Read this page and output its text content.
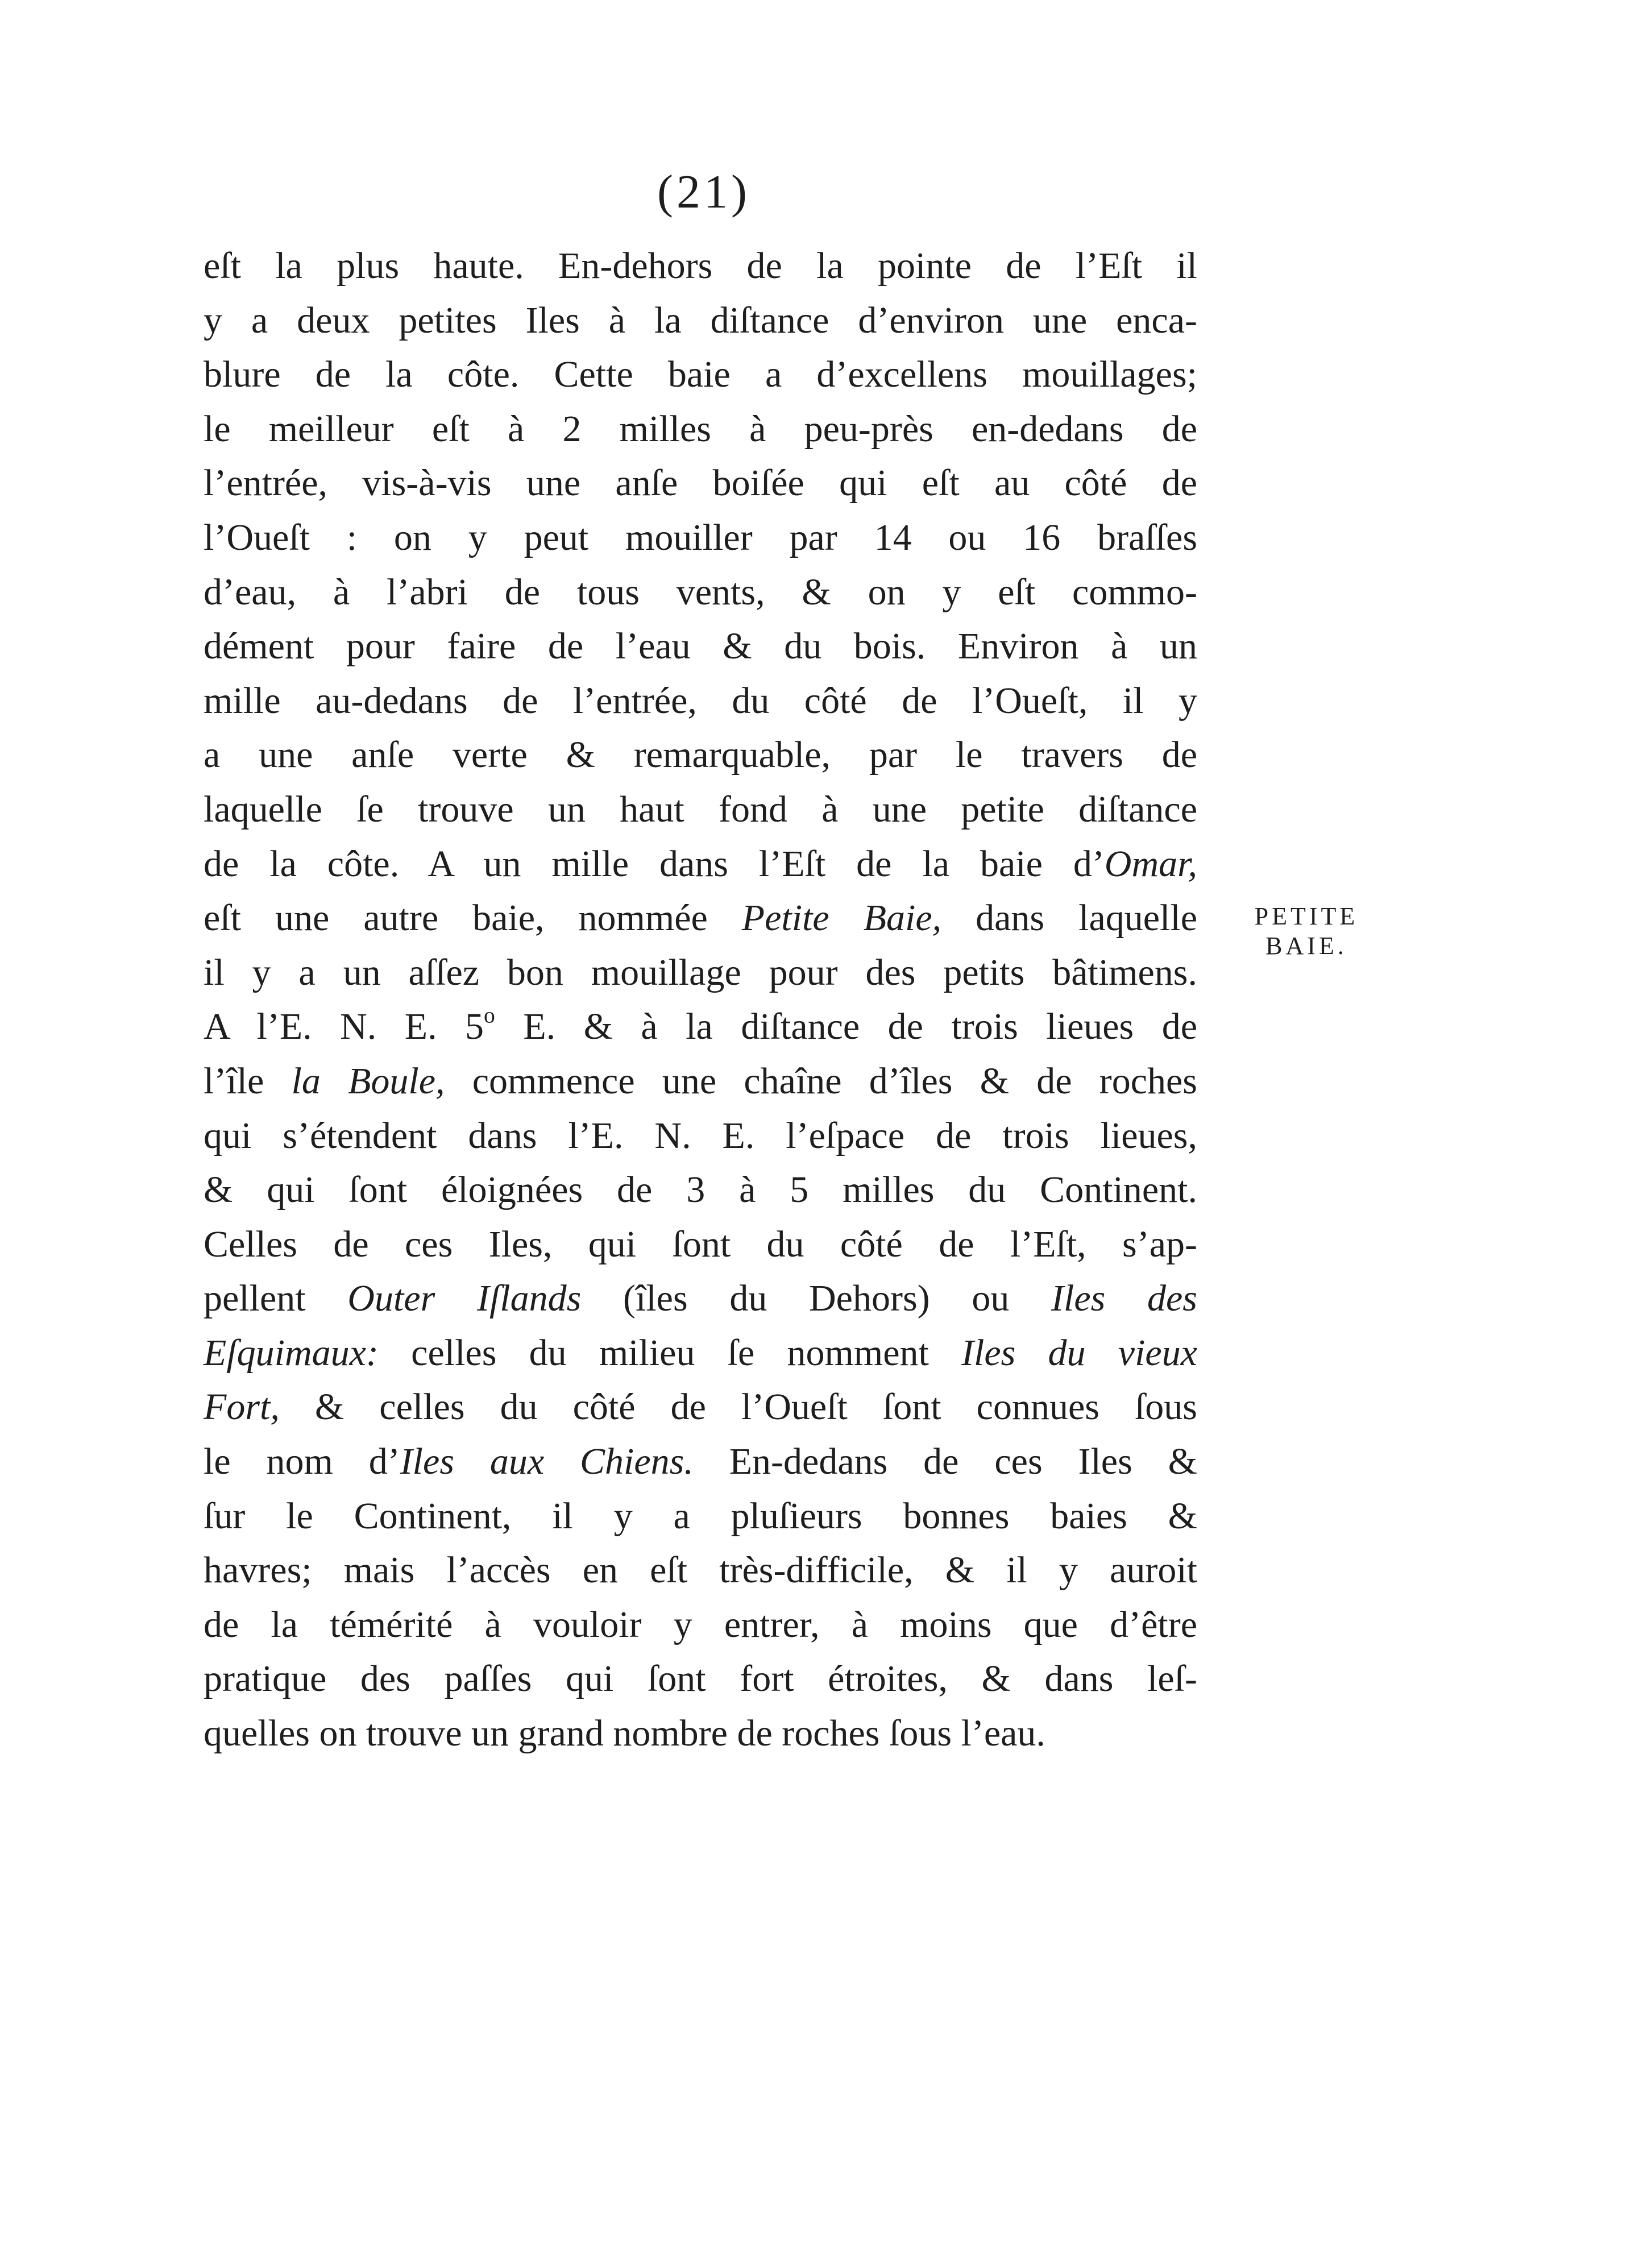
(21)
eſt la plus haute. En-dehors de la pointe de l’Eſt il
y a deux petites Iles à la diſtance d’environ une enca-
blure de la côte. Cette baie a d’excellens mouillages;
le meilleur eſt à 2 milles à peu-près en-dedans de
l’entrée, vis-à-vis une anſe boiſée qui eſt au côté de
l’Oueſt : on y peut mouiller par 14 ou 16 braſſes
d’eau, à l’abri de tous vents, & on y eſt commo-
dément pour faire de l’eau & du bois. Environ à un
mille au-dedans de l’entrée, du côté de l’Oueſt, il y
a une anſe verte & remarquable, par le travers de
laquelle ſe trouve un haut fond à une petite diſtance
de la côte. A un mille dans l’Eſt de la baie d’Omar,
eſt une autre baie, nommée Petite Baie, dans laquelle
il y a un aſſez bon mouillage pour des petits bâtimens.
A l’E. N. E. 5$^o$ E. & à la diſtance de trois lieues de
l’île la Boule, commence une chaîne d’îles & de roches
qui s’étendent dans l’E. N. E. l’eſpace de trois lieues,
& qui ſont éloignées de 3 à 5 milles du Continent.
Celles de ces Iles, qui ſont du côté de l’Eſt, s’ap-
pellent Outer Iſlands (îles du Dehors) ou Iles des
Eſquimaux: celles du milieu ſe nomment Iles du vieux
Fort, & celles du côté de l’Oueſt ſont connues ſous
le nom d’Iles aux Chiens. En-dedans de ces Iles &
ſur le Continent, il y a pluſieurs bonnes baies &
havres; mais l’accès en eſt très-difficile, & il y auroit
de la témérité à vouloir y entrer, à moins que d’être
pratique des paſſes qui ſont fort étroites, & dans leſ-
quelles on trouve un grand nombre de roches ſous l’eau.
PETITE
BAIE.
